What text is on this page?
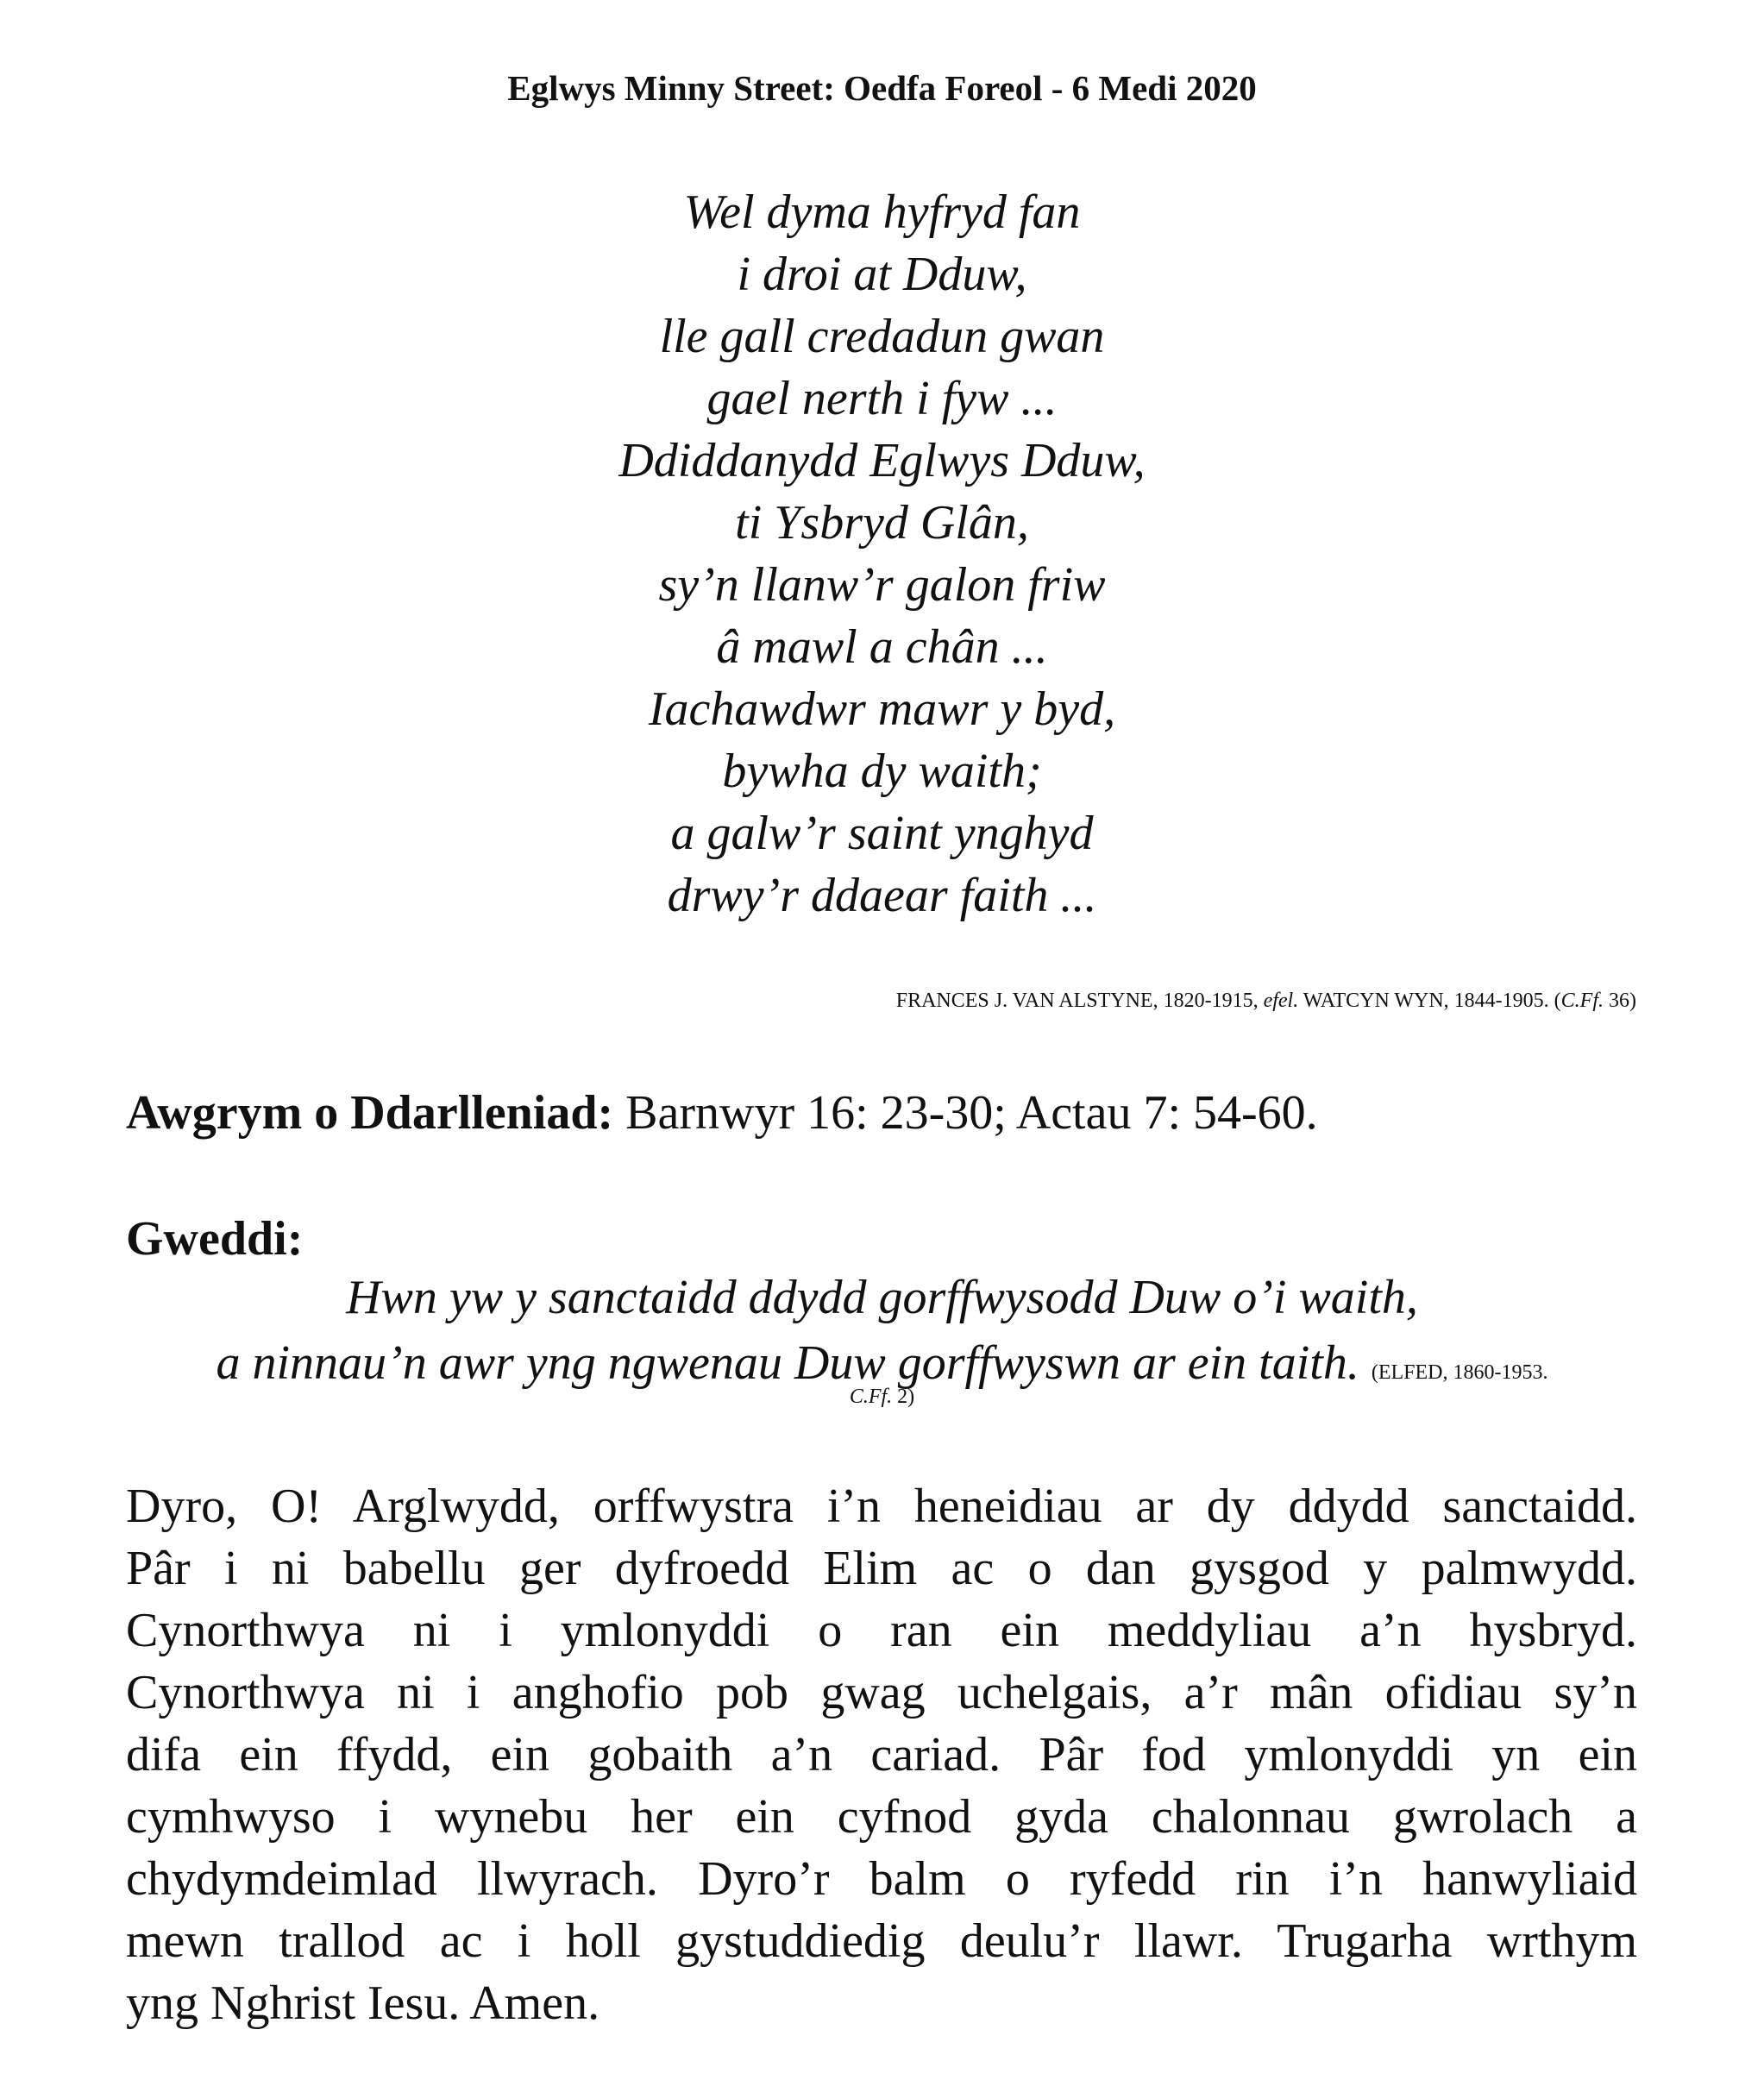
Eglwys Minny Street: Oedfa Foreol - 6 Medi 2020
Wel dyma hyfryd fan
i droi at Dduw,
lle gall credadun gwan
gael nerth i fyw ...
Ddiddanydd Eglwys Dduw,
ti Ysbryd Glân,
sy’n llanw’r galon friw
â mawl a chân ...
Iachawdwr mawr y byd,
bywha dy waith;
a galw’r saint ynghyd
drwy’r ddaear faith ...
FRANCES J. VAN ALSTYNE, 1820-1915, efel. WATCYN WYN, 1844-1905. (C.Ff. 36)
Awgrym o Ddarlleniad: Barnwyr 16: 23-30; Actau 7: 54-60.
Gweddi:
Hwn yw y sanctaidd ddydd gorffwysodd Duw o’i waith,
a ninnau’n awr yng ngwenau Duw gorffwyswn ar ein taith. (ELFED, 1860-1953.
C.Ff. 2)
Dyro, O! Arglwydd, orffwystra i’n heneidiau ar dy ddydd sanctaidd.
Pâr i ni babellu ger dyfroedd Elim ac o dan gysgod y palmwydd.
Cynorthwya ni i ymlonyddi o ran ein meddyliau a’n hysbryd.
Cynorthwya ni i anghofio pob gwag uchelgais, a’r mân ofidiau sy’n
difa ein ffydd, ein gobaith a’n cariad. Pâr fod ymlonyddi yn ein
cymhwyso i wynebu her ein cyfnod gyda chalonnau gwrolach a
chydymdeimlad llwyrach. Dyro’r balm o ryfedd rin i’n hanwyliaid
mewn trallod ac i holl gystuddiedig deulu’r llawr. Trugarha wrthym
yng Nghrist Iesu. Amen.
